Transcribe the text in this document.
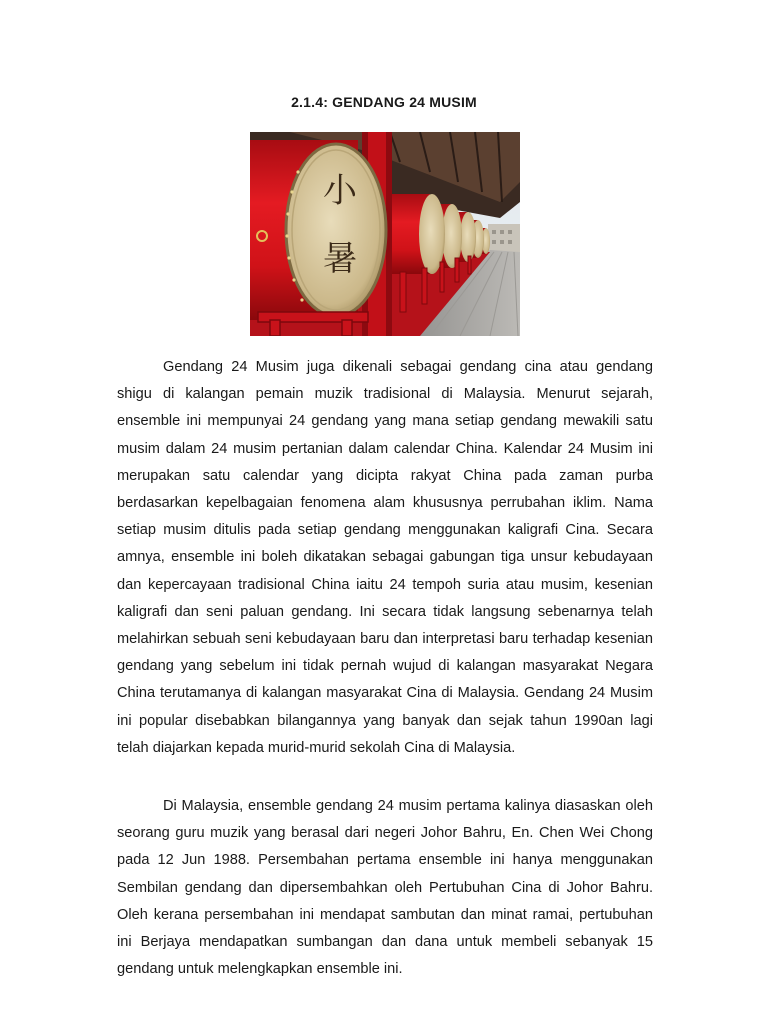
2.1.4: GENDANG 24 MUSIM
小
暑

Gendang 24 Musim juga dikenali sebagai gendang cina atau gendang shigu di kalangan pemain muzik tradisional di Malaysia. Menurut sejarah, ensemble ini mempunyai 24 gendang yang mana setiap gendang mewakili satu musim dalam 24 musim pertanian dalam calendar China. Kalendar 24 Musim ini merupakan satu calendar yang dicipta rakyat China pada zaman purba berdasarkan kepelbagaian fenomena alam khususnya perrubahan iklim. Nama setiap musim ditulis pada setiap gendang menggunakan kaligrafi Cina. Secara amnya, ensemble ini boleh dikatakan sebagai gabungan tiga unsur kebudayaan dan kepercayaan tradisional China iaitu 24 tempoh suria atau musim, kesenian kaligrafi dan seni paluan gendang. Ini secara tidak langsung sebenarnya telah melahirkan sebuah seni kebudayaan baru dan interpretasi baru terhadap kesenian gendang yang sebelum ini tidak pernah wujud di kalangan masyarakat Negara China terutamanya di kalangan masyarakat Cina di Malaysia. Gendang 24 Musim ini popular disebabkan bilangannya yang banyak dan sejak tahun 1990an lagi telah diajarkan kepada murid-murid sekolah Cina di Malaysia.

Di Malaysia, ensemble gendang 24 musim pertama kalinya diasaskan oleh seorang guru muzik yang berasal dari negeri Johor Bahru, En. Chen Wei Chong pada 12 Jun 1988. Persembahan pertama ensemble ini hanya menggunakan Sembilan gendang dan dipersembahkan oleh Pertubuhan Cina di Johor Bahru. Oleh kerana persembahan ini mendapat sambutan dan minat ramai, pertubuhan ini Berjaya mendapatkan sumbangan dan dana untuk membeli sebanyak 15 gendang untuk melengkapkan ensemble ini.
